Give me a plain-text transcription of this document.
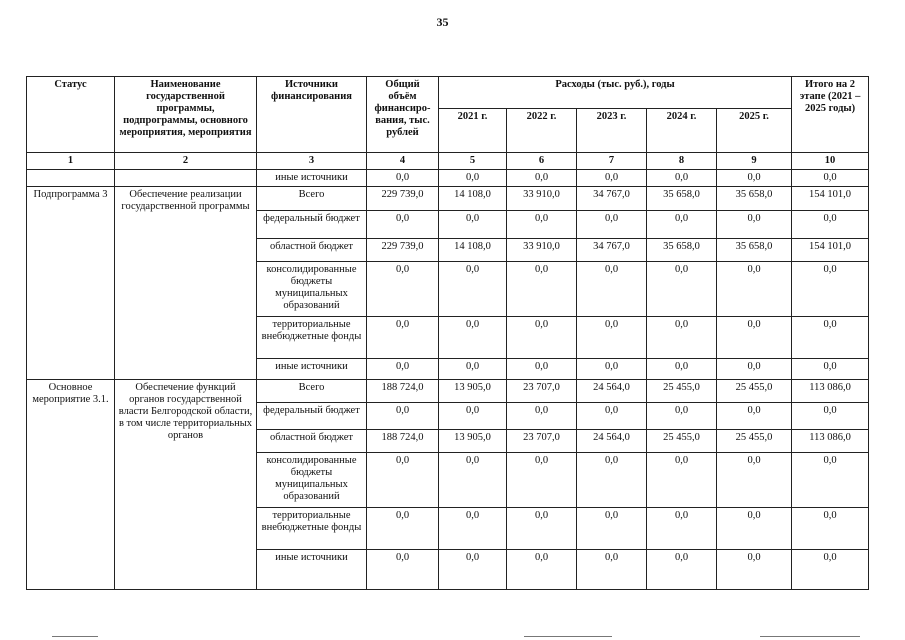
35
Статус	Наименование государственной программы, подпрограммы, основного мероприятия, мероприятия	Источники финансирования	Общий объём финансиро-вания, тыс. рублей	Расходы (тыс. руб.), годы					Итого на 2 этапе (2021 – 2025 годы)
				2021 г.	2022 г.	2023 г.	2024 г.	2025 г.	
1	2	3	4	5	6	7	8	9	10
		иные источники	0,0	0,0	0,0	0,0	0,0	0,0	0,0
Подпрограмма 3	Обеспечение реализации государственной программы	Всего	229 739,0	14 108,0	33 910,0	34 767,0	35 658,0	35 658,0	154 101,0
		федеральный бюджет	0,0	0,0	0,0	0,0	0,0	0,0	0,0
		областной бюджет	229 739,0	14 108,0	33 910,0	34 767,0	35 658,0	35 658,0	154 101,0
		консолидированные бюджеты муниципальных образований	0,0	0,0	0,0	0,0	0,0	0,0	0,0
		территориальные внебюджетные фонды	0,0	0,0	0,0	0,0	0,0	0,0	0,0
		иные источники	0,0	0,0	0,0	0,0	0,0	0,0	0,0
Основное мероприятие 3.1.	Обеспечение функций органов государственной власти Белгородской области, в том числе территориальных органов	Всего	188 724,0	13 905,0	23 707,0	24 564,0	25 455,0	25 455,0	113 086,0
		федеральный бюджет	0,0	0,0	0,0	0,0	0,0	0,0	0,0
		областной бюджет	188 724,0	13 905,0	23 707,0	24 564,0	25 455,0	25 455,0	113 086,0
		консолидированные бюджеты муниципальных образований	0,0	0,0	0,0	0,0	0,0	0,0	0,0
		территориальные внебюджетные фонды	0,0	0,0	0,0	0,0	0,0	0,0	0,0
		иные источники	0,0	0,0	0,0	0,0	0,0	0,0	0,0
